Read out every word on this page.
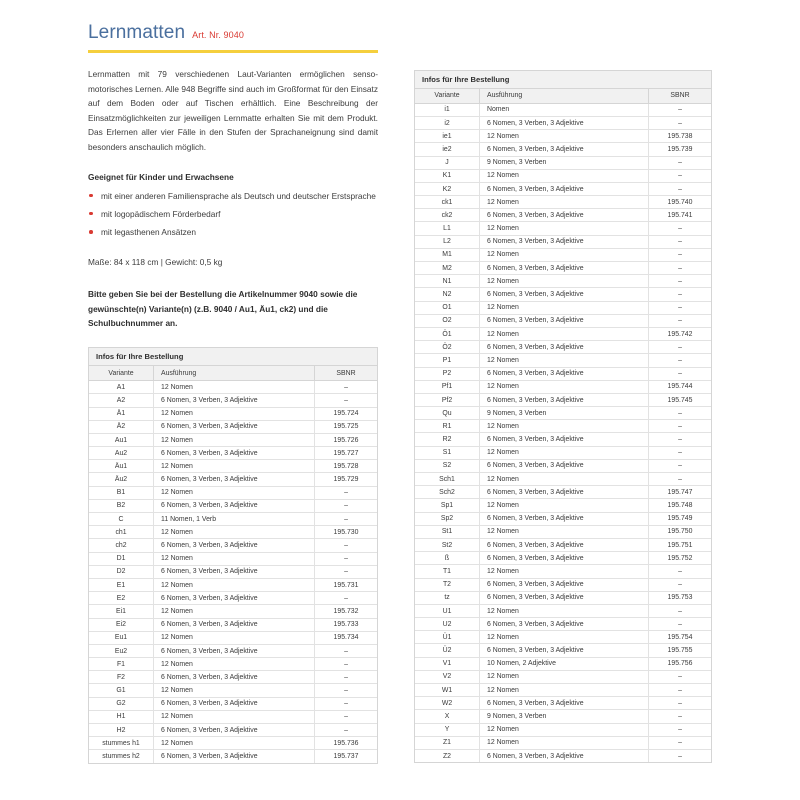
Lernmatten Art. Nr. 9040

Lernmatten mit 79 verschiedenen Laut-Varianten ermöglichen senso-motorisches Lernen. Alle 948 Begriffe sind auch im Großformat für den Einsatz auf dem Boden oder auf Tischen erhältlich. Eine Beschreibung der Einsatzmöglichkeiten zur jeweiligen Lernmatte erhalten Sie mit dem Produkt. Das Erlernen aller vier Fälle in den Stufen der Sprachaneignung sind damit besonders anschaulich möglich.

Geeignet für Kinder und Erwachsene
mit einer anderen Familiensprache als Deutsch und deutscher Erstsprache
mit logopädischem Förderbedarf
mit legasthenen Ansätzen

Maße: 84 x 118 cm | Gewicht: 0,5 kg

Bitte geben Sie bei der Bestellung die Artikelnummer 9040 sowie die gewünschte(n) Variante(n) (z.B. 9040 / Au1, Äu1, ck2) und die Schulbuchnummer an.

Infos für Ihre Bestellung
Variante	Ausführung	SBNR
A1	12 Nomen	–
A2	6 Nomen, 3 Verben, 3 Adjektive	–
Ä1	12 Nomen	195.724
Ä2	6 Nomen, 3 Verben, 3 Adjektive	195.725
Au1	12 Nomen	195.726
Au2	6 Nomen, 3 Verben, 3 Adjektive	195.727
Äu1	12 Nomen	195.728
Äu2	6 Nomen, 3 Verben, 3 Adjektive	195.729
B1	12 Nomen	–
B2	6 Nomen, 3 Verben, 3 Adjektive	–
C	11 Nomen, 1 Verb	–
ch1	12 Nomen	195.730
ch2	6 Nomen, 3 Verben, 3 Adjektive	–
D1	12 Nomen	–
D2	6 Nomen, 3 Verben, 3 Adjektive	–
E1	12 Nomen	195.731
E2	6 Nomen, 3 Verben, 3 Adjektive	–
Ei1	12 Nomen	195.732
Ei2	6 Nomen, 3 Verben, 3 Adjektive	195.733
Eu1	12 Nomen	195.734
Eu2	6 Nomen, 3 Verben, 3 Adjektive	–
F1	12 Nomen	–
F2	6 Nomen, 3 Verben, 3 Adjektive	–
G1	12 Nomen	–
G2	6 Nomen, 3 Verben, 3 Adjektive	–
H1	12 Nomen	–
H2	6 Nomen, 3 Verben, 3 Adjektive	–
stummes h1	12 Nomen	195.736
stummes h2	6 Nomen, 3 Verben, 3 Adjektive	195.737
Infos für Ihre Bestellung
Variante	Ausführung	SBNR
i1	Nomen	–
i2	6 Nomen, 3 Verben, 3 Adjektive	–
ie1	12 Nomen	195.738
ie2	6 Nomen, 3 Verben, 3 Adjektive	195.739
J	9 Nomen, 3 Verben	–
K1	12 Nomen	–
K2	6 Nomen, 3 Verben, 3 Adjektive	–
ck1	12 Nomen	195.740
ck2	6 Nomen, 3 Verben, 3 Adjektive	195.741
L1	12 Nomen	–
L2	6 Nomen, 3 Verben, 3 Adjektive	–
M1	12 Nomen	–
M2	6 Nomen, 3 Verben, 3 Adjektive	–
N1	12 Nomen	–
N2	6 Nomen, 3 Verben, 3 Adjektive	–
O1	12 Nomen	–
O2	6 Nomen, 3 Verben, 3 Adjektive	–
Ö1	12 Nomen	195.742
Ö2	6 Nomen, 3 Verben, 3 Adjektive	–
P1	12 Nomen	–
P2	6 Nomen, 3 Verben, 3 Adjektive	–
Pf1	12 Nomen	195.744
Pf2	6 Nomen, 3 Verben, 3 Adjektive	195.745
Qu	9 Nomen, 3 Verben	–
R1	12 Nomen	–
R2	6 Nomen, 3 Verben, 3 Adjektive	–
S1	12 Nomen	–
S2	6 Nomen, 3 Verben, 3 Adjektive	–
Sch1	12 Nomen	–
Sch2	6 Nomen, 3 Verben, 3 Adjektive	195.747
Sp1	12 Nomen	195.748
Sp2	6 Nomen, 3 Verben, 3 Adjektive	195.749
St1	12 Nomen	195.750
St2	6 Nomen, 3 Verben, 3 Adjektive	195.751
ß	6 Nomen, 3 Verben, 3 Adjektive	195.752
T1	12 Nomen	–
T2	6 Nomen, 3 Verben, 3 Adjektive	–
tz	6 Nomen, 3 Verben, 3 Adjektive	195.753
U1	12 Nomen	–
U2	6 Nomen, 3 Verben, 3 Adjektive	–
Ü1	12 Nomen	195.754
Ü2	6 Nomen, 3 Verben, 3 Adjektive	195.755
V1	10 Nomen, 2 Adjektive	195.756
V2	12 Nomen	–
W1	12 Nomen	–
W2	6 Nomen, 3 Verben, 3 Adjektive	–
X	9 Nomen, 3 Verben	–
Y	12 Nomen	–
Z1	12 Nomen	–
Z2	6 Nomen, 3 Verben, 3 Adjektive	–
